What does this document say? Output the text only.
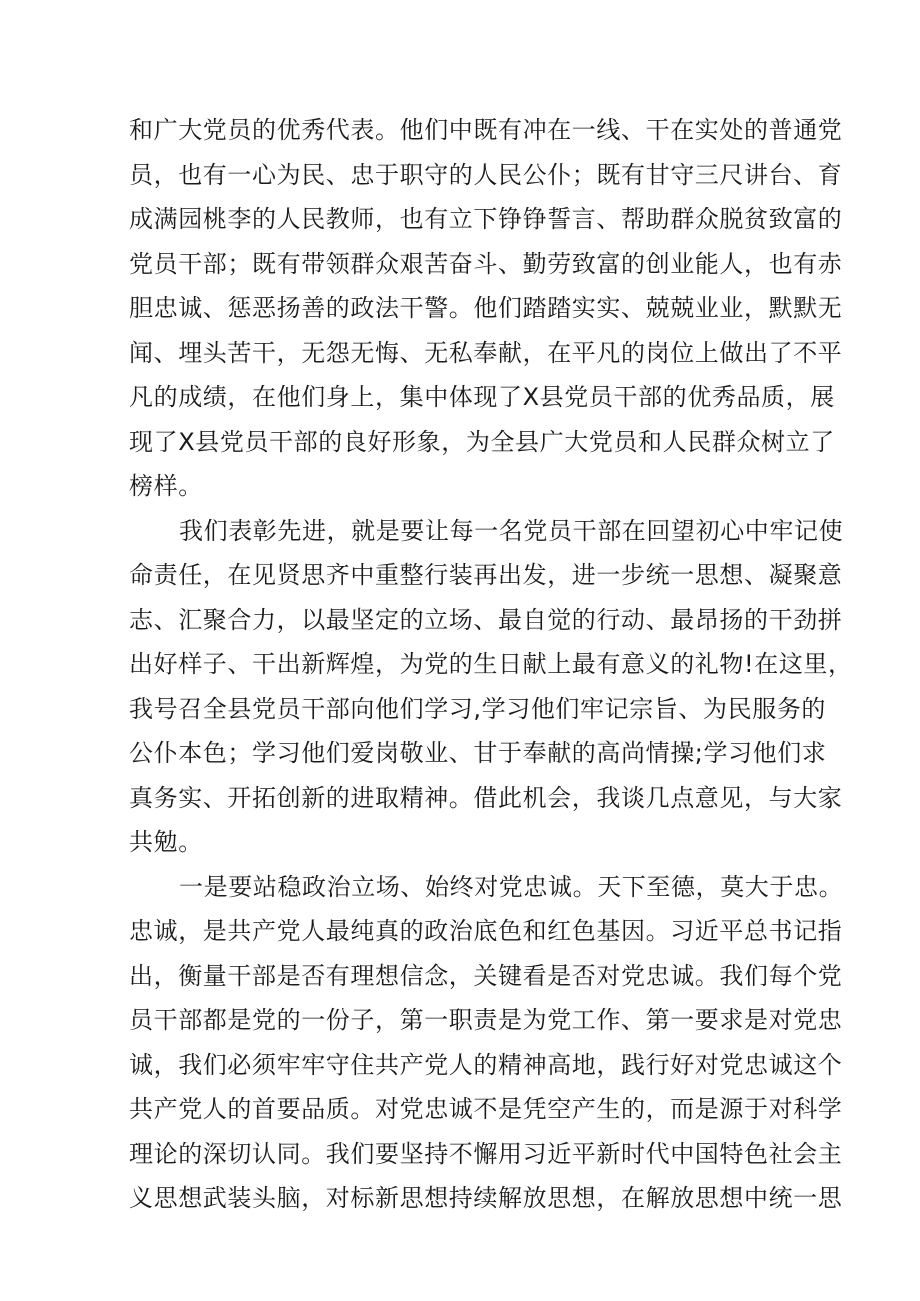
和广大党员的优秀代表。他们中既有冲在一线、干在实处的普通党
员，也有一心为民、忠于职守的人民公仆；既有甘守三尺讲台、育
成满园桃李的人民教师，也有立下铮铮誓言、帮助群众脱贫致富的
党员干部；既有带领群众艰苦奋斗、勤劳致富的创业能人，也有赤
胆忠诚、惩恶扬善的政法干警。他们踏踏实实、兢兢业业，默默无
闻、埋头苦干，无怨无悔、无私奉献，在平凡的岗位上做出了不平
凡的成绩，在他们身上，集中体现了X县党员干部的优秀品质，展
现了X县党员干部的良好形象，为全县广大党员和人民群众树立了
榜样。

我们表彰先进，就是要让每一名党员干部在回望初心中牢记使
命责任，在见贤思齐中重整行装再出发，进一步统一思想、凝聚意
志、汇聚合力，以最坚定的立场、最自觉的行动、最昂扬的干劲拼
出好样子、干出新辉煌，为党的生日献上最有意义的礼物!在这里，
我号召全县党员干部向他们学习,学习他们牢记宗旨、为民服务的
公仆本色；学习他们爱岗敬业、甘于奉献的高尚情操;学习他们求
真务实、开拓创新的进取精神。借此机会，我谈几点意见，与大家
共勉。

一是要站稳政治立场、始终对党忠诚。天下至德，莫大于忠。
忠诚，是共产党人最纯真的政治底色和红色基因。习近平总书记指
出，衡量干部是否有理想信念，关键看是否对党忠诚。我们每个党
员干部都是党的一份子，第一职责是为党工作、第一要求是对党忠
诚，我们必须牢牢守住共产党人的精神高地，践行好对党忠诚这个
共产党人的首要品质。对党忠诚不是凭空产生的，而是源于对科学
理论的深切认同。我们要坚持不懈用习近平新时代中国特色社会主
义思想武装头脑，对标新思想持续解放思想，在解放思想中统一思
